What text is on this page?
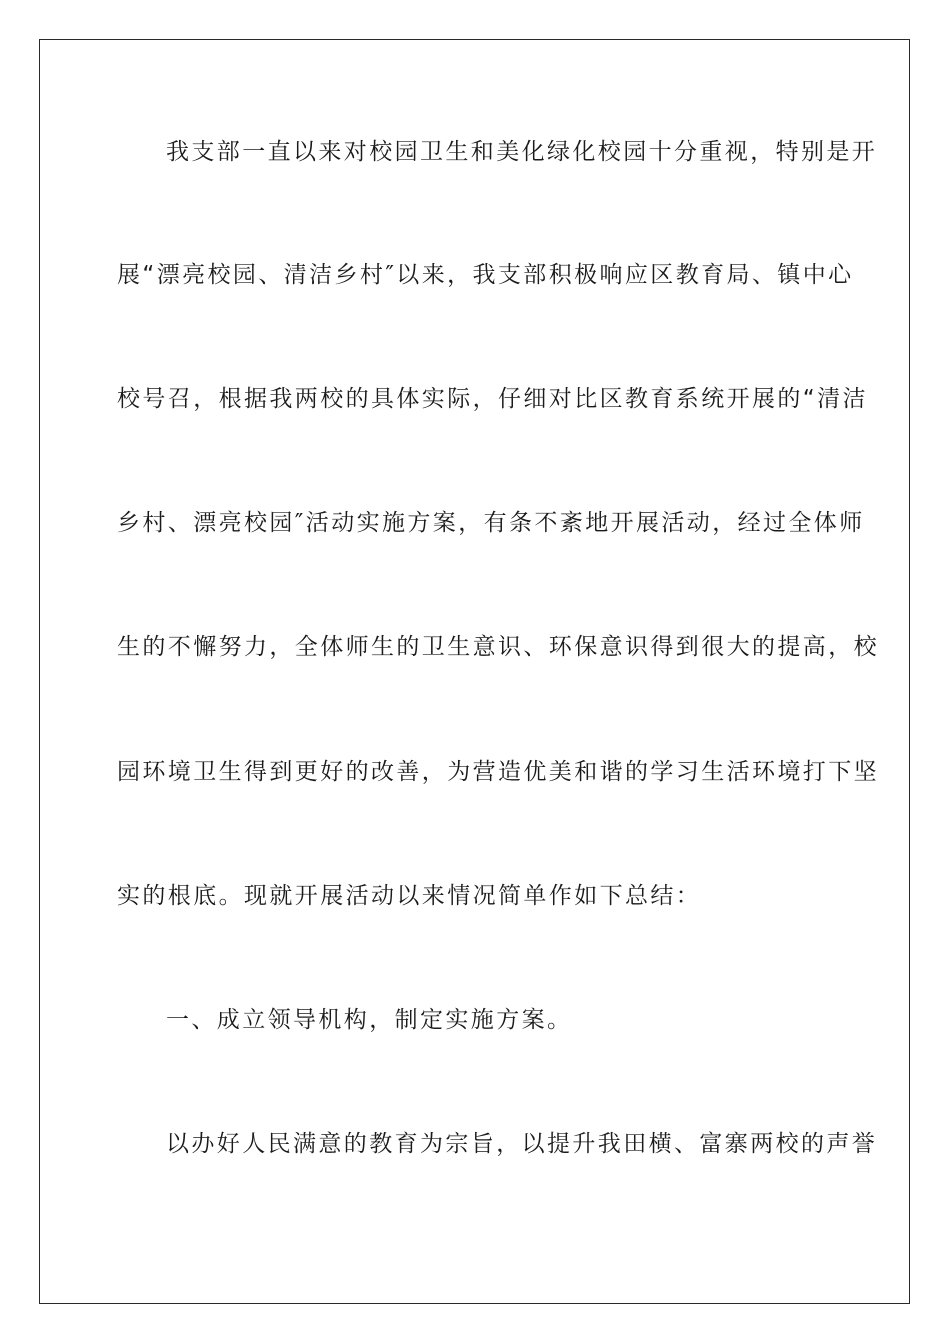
我支部一直以来对校园卫生和美化绿化校园十分重视，特别是开
展“漂亮校园、清洁乡村″以来，我支部积极响应区教育局、镇中心
校号召，根据我两校的具体实际，仔细对比区教育系统开展的“清洁
乡村、漂亮校园″活动实施方案，有条不紊地开展活动，经过全体师
生的不懈努力，全体师生的卫生意识、环保意识得到很大的提高，校
园环境卫生得到更好的改善，为营造优美和谐的学习生活环境打下坚
实的根底。现就开展活动以来情况简单作如下总结：
一、成立领导机构，制定实施方案。
以办好人民满意的教育为宗旨，以提升我田横、富寨两校的声誉
